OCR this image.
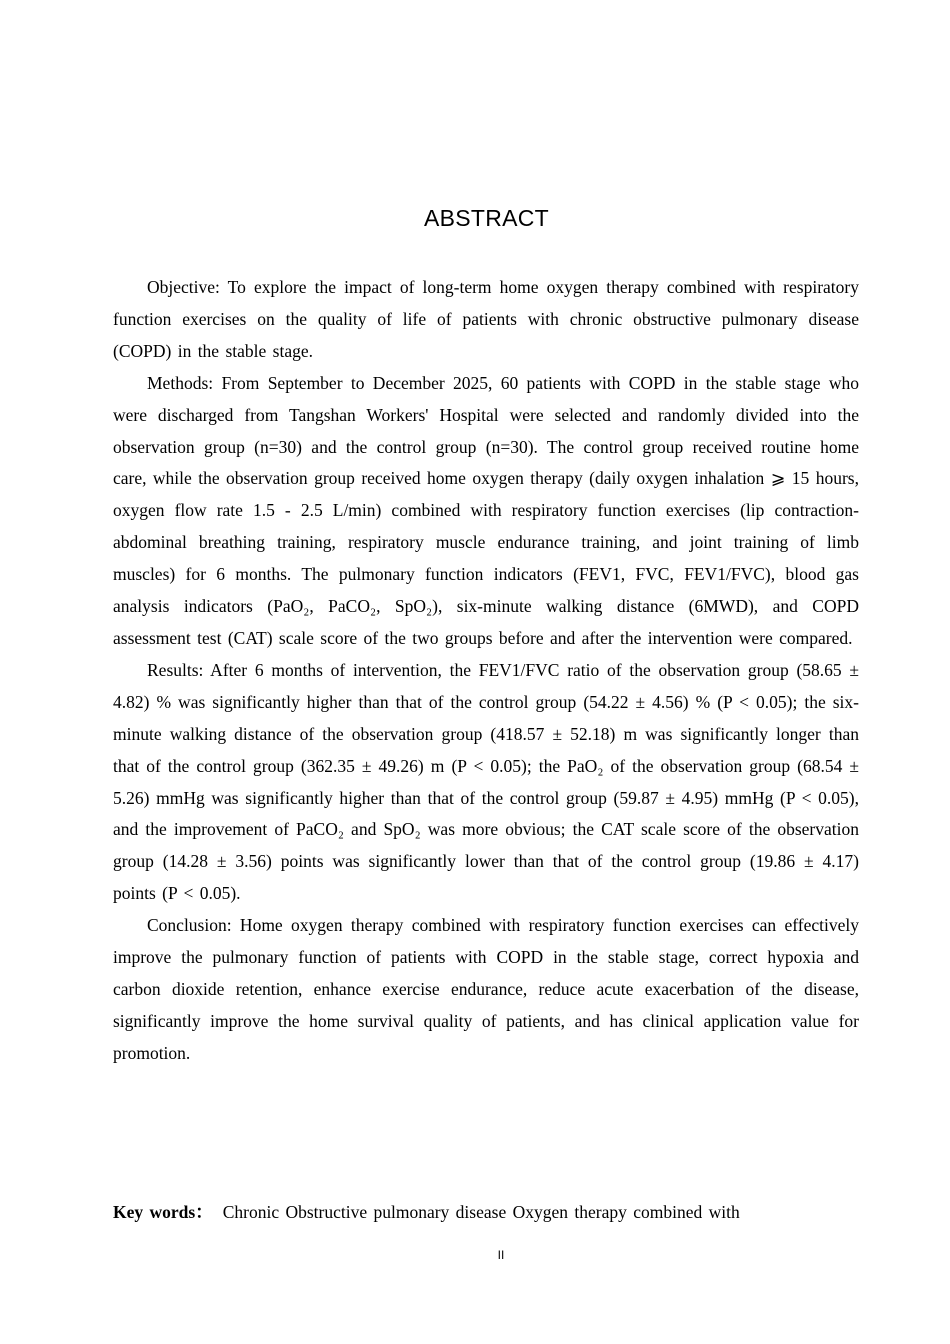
ABSTRACT

Objective: To explore the impact of long-term home oxygen therapy combined with respiratory function exercises on the quality of life of patients with chronic obstructive pulmonary disease (COPD) in the stable stage.

Methods: From September to December 2025, 60 patients with COPD in the stable stage who were discharged from Tangshan Workers' Hospital were selected and randomly divided into the observation group (n=30) and the control group (n=30). The control group received routine home care, while the observation group received home oxygen therapy (daily oxygen inhalation ⩾ 15 hours, oxygen flow rate 1.5 - 2.5 L/min) combined with respiratory function exercises (lip contraction-abdominal breathing training, respiratory muscle endurance training, and joint training of limb muscles) for 6 months. The pulmonary function indicators (FEV1, FVC, FEV1/FVC), blood gas analysis indicators (PaO₂, PaCO₂, SpO₂), six-minute walking distance (6MWD), and COPD assessment test (CAT) scale score of the two groups before and after the intervention were compared.

Results: After 6 months of intervention, the FEV1/FVC ratio of the observation group (58.65 ± 4.82) % was significantly higher than that of the control group (54.22 ± 4.56) % (P < 0.05); the six-minute walking distance of the observation group (418.57 ± 52.18) m was significantly longer than that of the control group (362.35 ± 49.26) m (P < 0.05); the PaO₂ of the observation group (68.54 ± 5.26) mmHg was significantly higher than that of the control group (59.87 ± 4.95) mmHg (P < 0.05), and the improvement of PaCO₂ and SpO₂ was more obvious; the CAT scale score of the observation group (14.28 ± 3.56) points was significantly lower than that of the control group (19.86 ± 4.17) points (P < 0.05).

Conclusion: Home oxygen therapy combined with respiratory function exercises can effectively improve the pulmonary function of patients with COPD in the stable stage, correct hypoxia and carbon dioxide retention, enhance exercise endurance, reduce acute exacerbation of the disease, significantly improve the home survival quality of patients, and has clinical application value for promotion.

Key words： Chronic Obstructive pulmonary disease Oxygen therapy combined with
II
